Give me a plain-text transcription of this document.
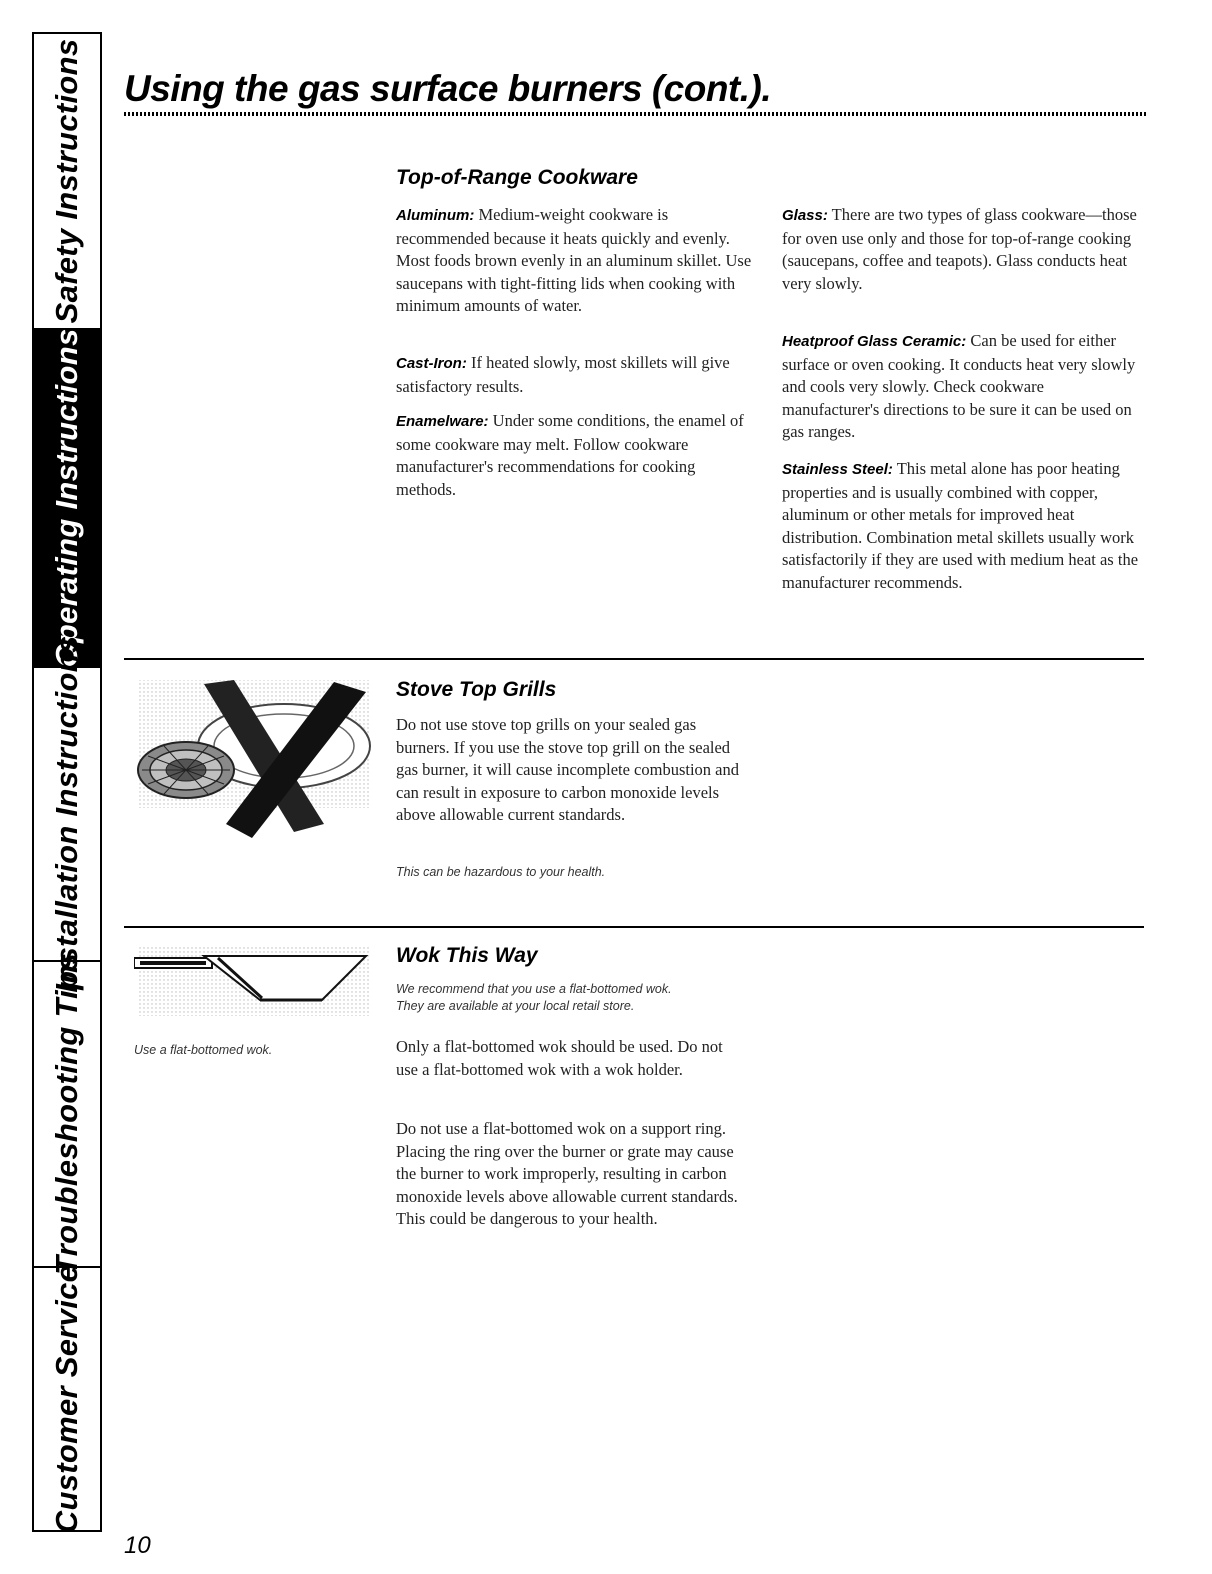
Safety Instructions
Operating Instructions
Installation Instructions
Troubleshooting Tips
Customer Service
Using the gas surface burners (cont.).
Top-of-Range Cookware

Aluminum: Medium-weight cookware is recommended because it heats quickly and evenly. Most foods brown evenly in an aluminum skillet. Use saucepans with tight-fitting lids when cooking with minimum amounts of water.

Cast-Iron: If heated slowly, most skillets will give satisfactory results.

Enamelware: Under some conditions, the enamel of some cookware may melt. Follow cookware manufacturer's recommendations for cooking methods.

Glass: There are two types of glass cookware—those for oven use only and those for top-of-range cooking (saucepans, coffee and teapots). Glass conducts heat very slowly.

Heatproof Glass Ceramic: Can be used for either surface or oven cooking. It conducts heat very slowly and cools very slowly. Check cookware manufacturer's directions to be sure it can be used on gas ranges.

Stainless Steel: This metal alone has poor heating properties and is usually combined with copper, aluminum or other metals for improved heat distribution. Combination metal skillets usually work satisfactorily if they are used with medium heat as the manufacturer recommends.

Stove Top Grills

Do not use stove top grills on your sealed gas burners. If you use the stove top grill on the sealed gas burner, it will cause incomplete combustion and can result in exposure to carbon monoxide levels above allowable current standards.

This can be hazardous to your health.
Use a flat-bottomed wok.
Wok This Way
We recommend that you use a flat-bottomed wok.
They are available at your local retail store.

Only a flat-bottomed wok should be used. Do not use a flat-bottomed wok with a wok holder.

Do not use a flat-bottomed wok on a support ring. Placing the ring over the burner or grate may cause the burner to work improperly, resulting in carbon monoxide levels above allowable current standards. This could be dangerous to your health.

10
